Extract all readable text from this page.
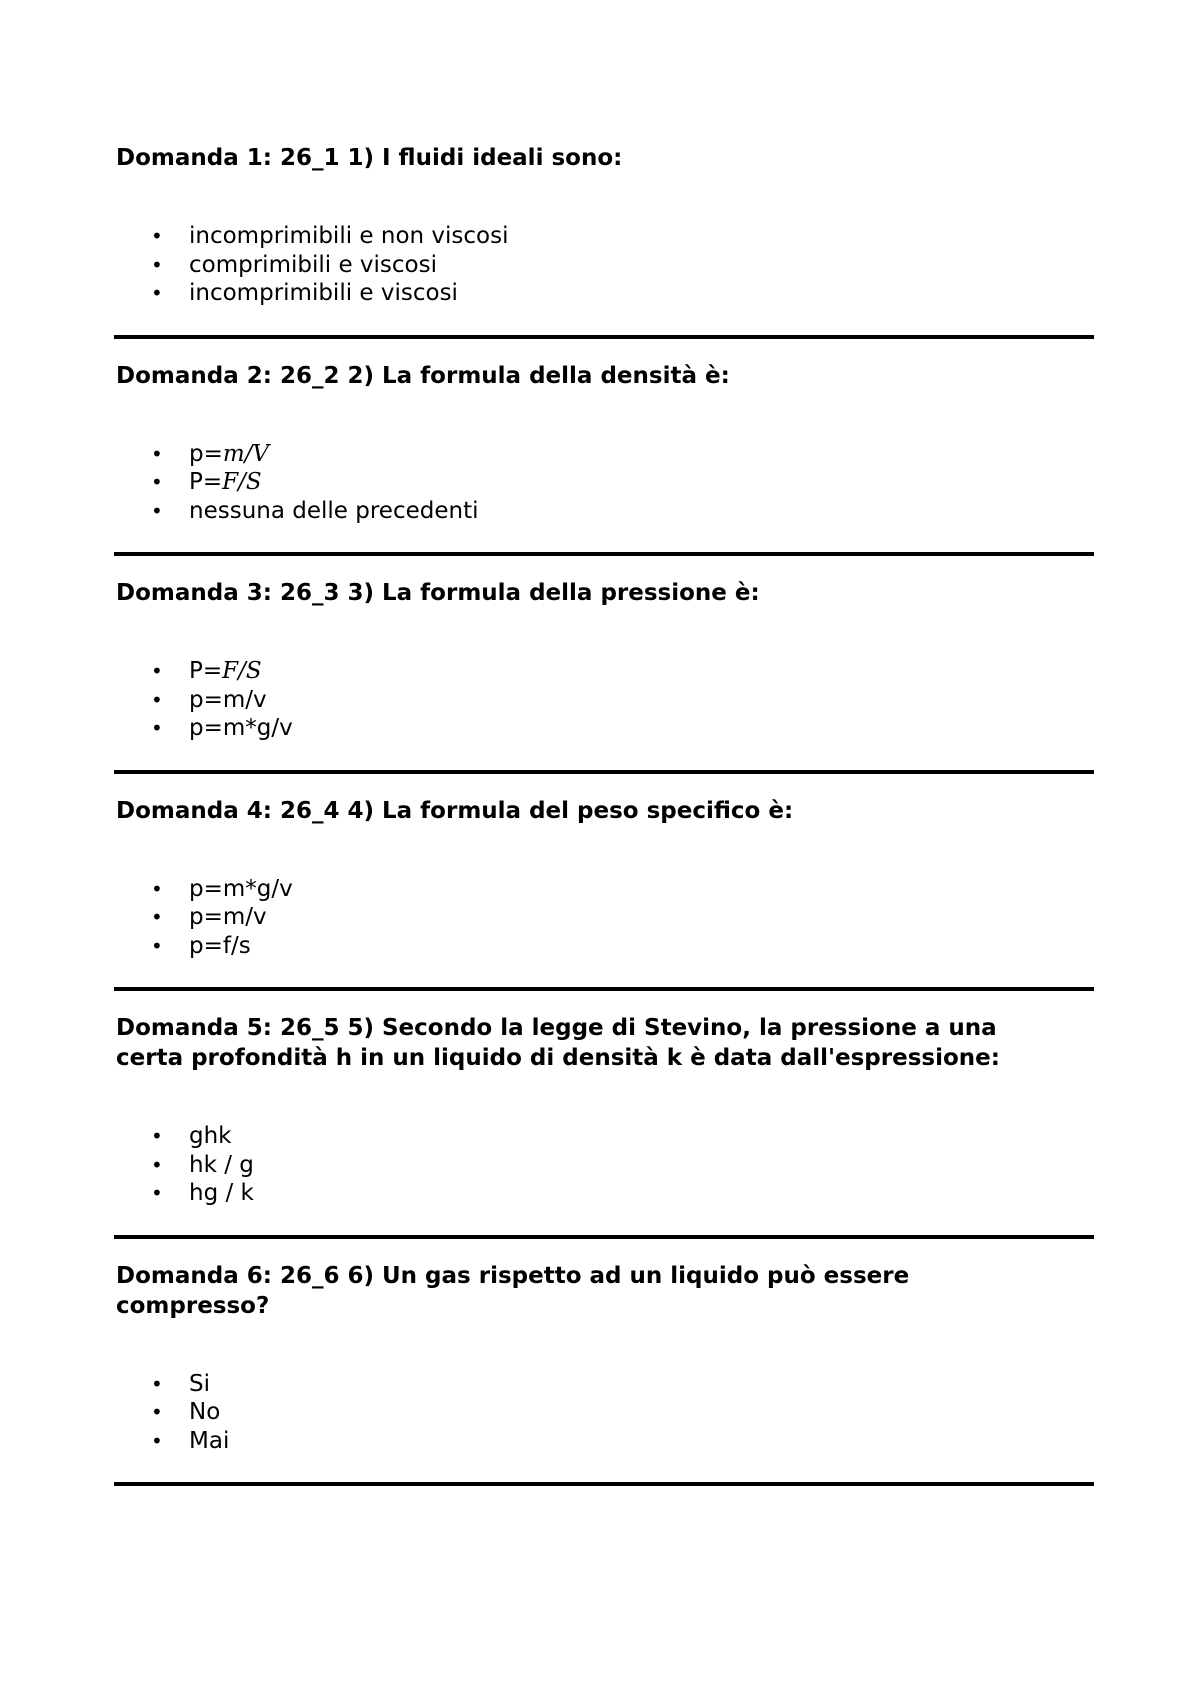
Domanda 1: 26_1 1) I fluidi ideali sono:

• incomprimibili e non viscosi
• comprimibili e viscosi
• incomprimibili e viscosi

Domanda 2: 26_2 2) La formula della densità è:

• p=m/V
• P=F/S
• nessuna delle precedenti

Domanda 3: 26_3 3) La formula della pressione è:

• P=F/S
• p=m/v
• p=m*g/v

Domanda 4: 26_4 4) La formula del peso specifico è:

• p=m*g/v
• p=m/v
• p=f/s

Domanda 5: 26_5 5) Secondo la legge di Stevino, la pressione a una
certa profondità h in un liquido di densità k è data dall'espressione:

• ghk
• hk / g
• hg / k

Domanda 6: 26_6 6) Un gas rispetto ad un liquido può essere
compresso?

• Si
• No
• Mai
